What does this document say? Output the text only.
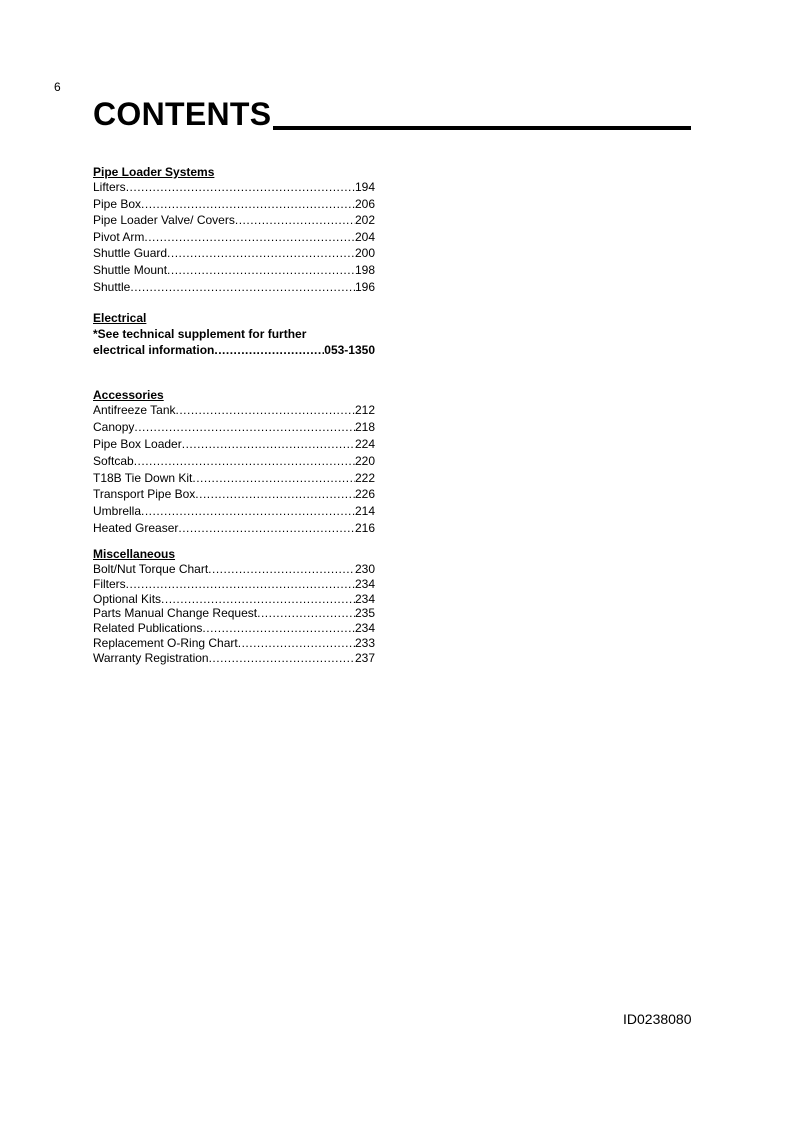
6
CONTENTS
Pipe Loader Systems
Lifters .....	194
Pipe Box .....	206
Pipe Loader Valve/ Covers .....	202
Pivot Arm .....	204
Shuttle Guard .....	200
Shuttle Mount .....	198
Shuttle .....	196
Electrical
*See technical supplement for further
electrical information .....	053-1350
Accessories
Antifreeze Tank .....	212
Canopy .....	218
Pipe Box Loader .....	224
Softcab .....	220
T18B Tie Down Kit .....	222
Transport Pipe Box .....	226
Umbrella .....	214
Heated Greaser .....	216
Miscellaneous
Bolt/Nut Torque Chart .....	230
Filters .....	234
Optional Kits .....	234
Parts Manual Change Request .....	235
Related Publications .....	234
Replacement O-Ring Chart .....	233
Warranty Registration .....	237
ID0238080
